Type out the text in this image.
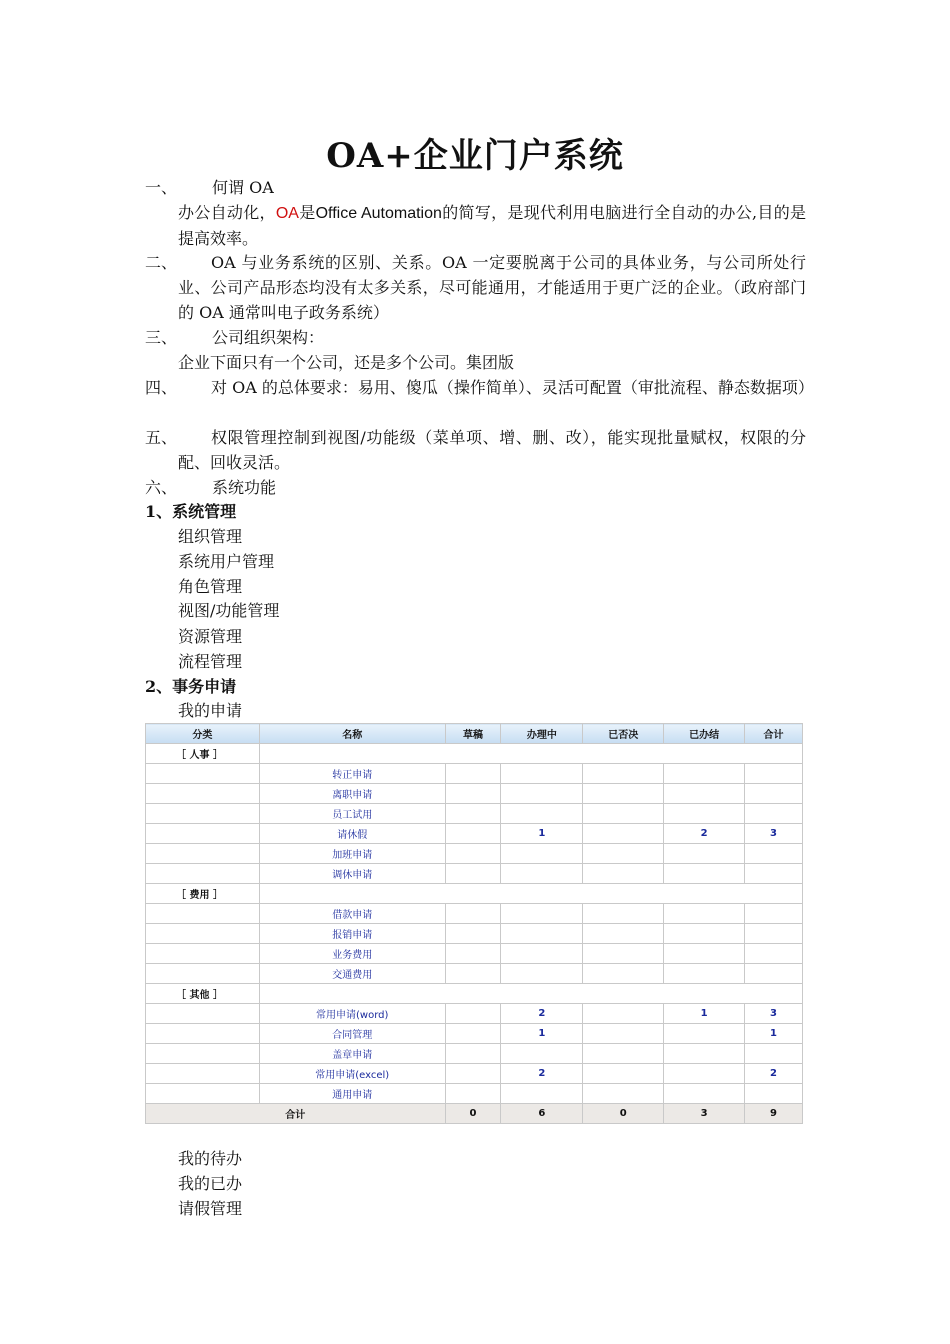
OA+企业门户系统
一、 何谓 OA
办公自动化，OA是Office Automation的简写，是现代利用电脑进行全自动的办公,目的是提高效率。
二、	OA 与业务系统的区别、关系。OA 一定要脱离于公司的具体业务，与公司所处行业、公司产品形态均没有太多关系，尽可能通用，才能适用于更广泛的企业。（政府部门的 OA 通常叫电子政务系统）
三、 公司组织架构：
企业下面只有一个公司，还是多个公司。集团版
四、	对 OA 的总体要求：易用、傻瓜（操作简单）、灵活可配置（审批流程、静态数据项）
五、	权限管理控制到视图/功能级（菜单项、增、删、改），能实现批量赋权，权限的分配、回收灵活。
六、 系统功能
1、系统管理
组织管理
系统用户管理
角色管理
视图/功能管理
资源管理
流程管理
2、事务申请
我的申请
分类	名称	草稿	办理中	已否决	已办结	合计
［ 人事 ］						
	转正申请					
	离职申请					
	员工试用					
	请休假		1		2	3
	加班申请					
	调休申请					
［ 费用 ］						
	借款申请					
	报销申请					
	业务费用					
	交通费用					
［ 其他 ］						
	常用申请(word)		2		1	3
	合同管理		1			1
	盖章申请					
	常用申请(excel)		2			2
	通用申请					
合计		0	6	0	3	9
我的待办
我的已办
请假管理
